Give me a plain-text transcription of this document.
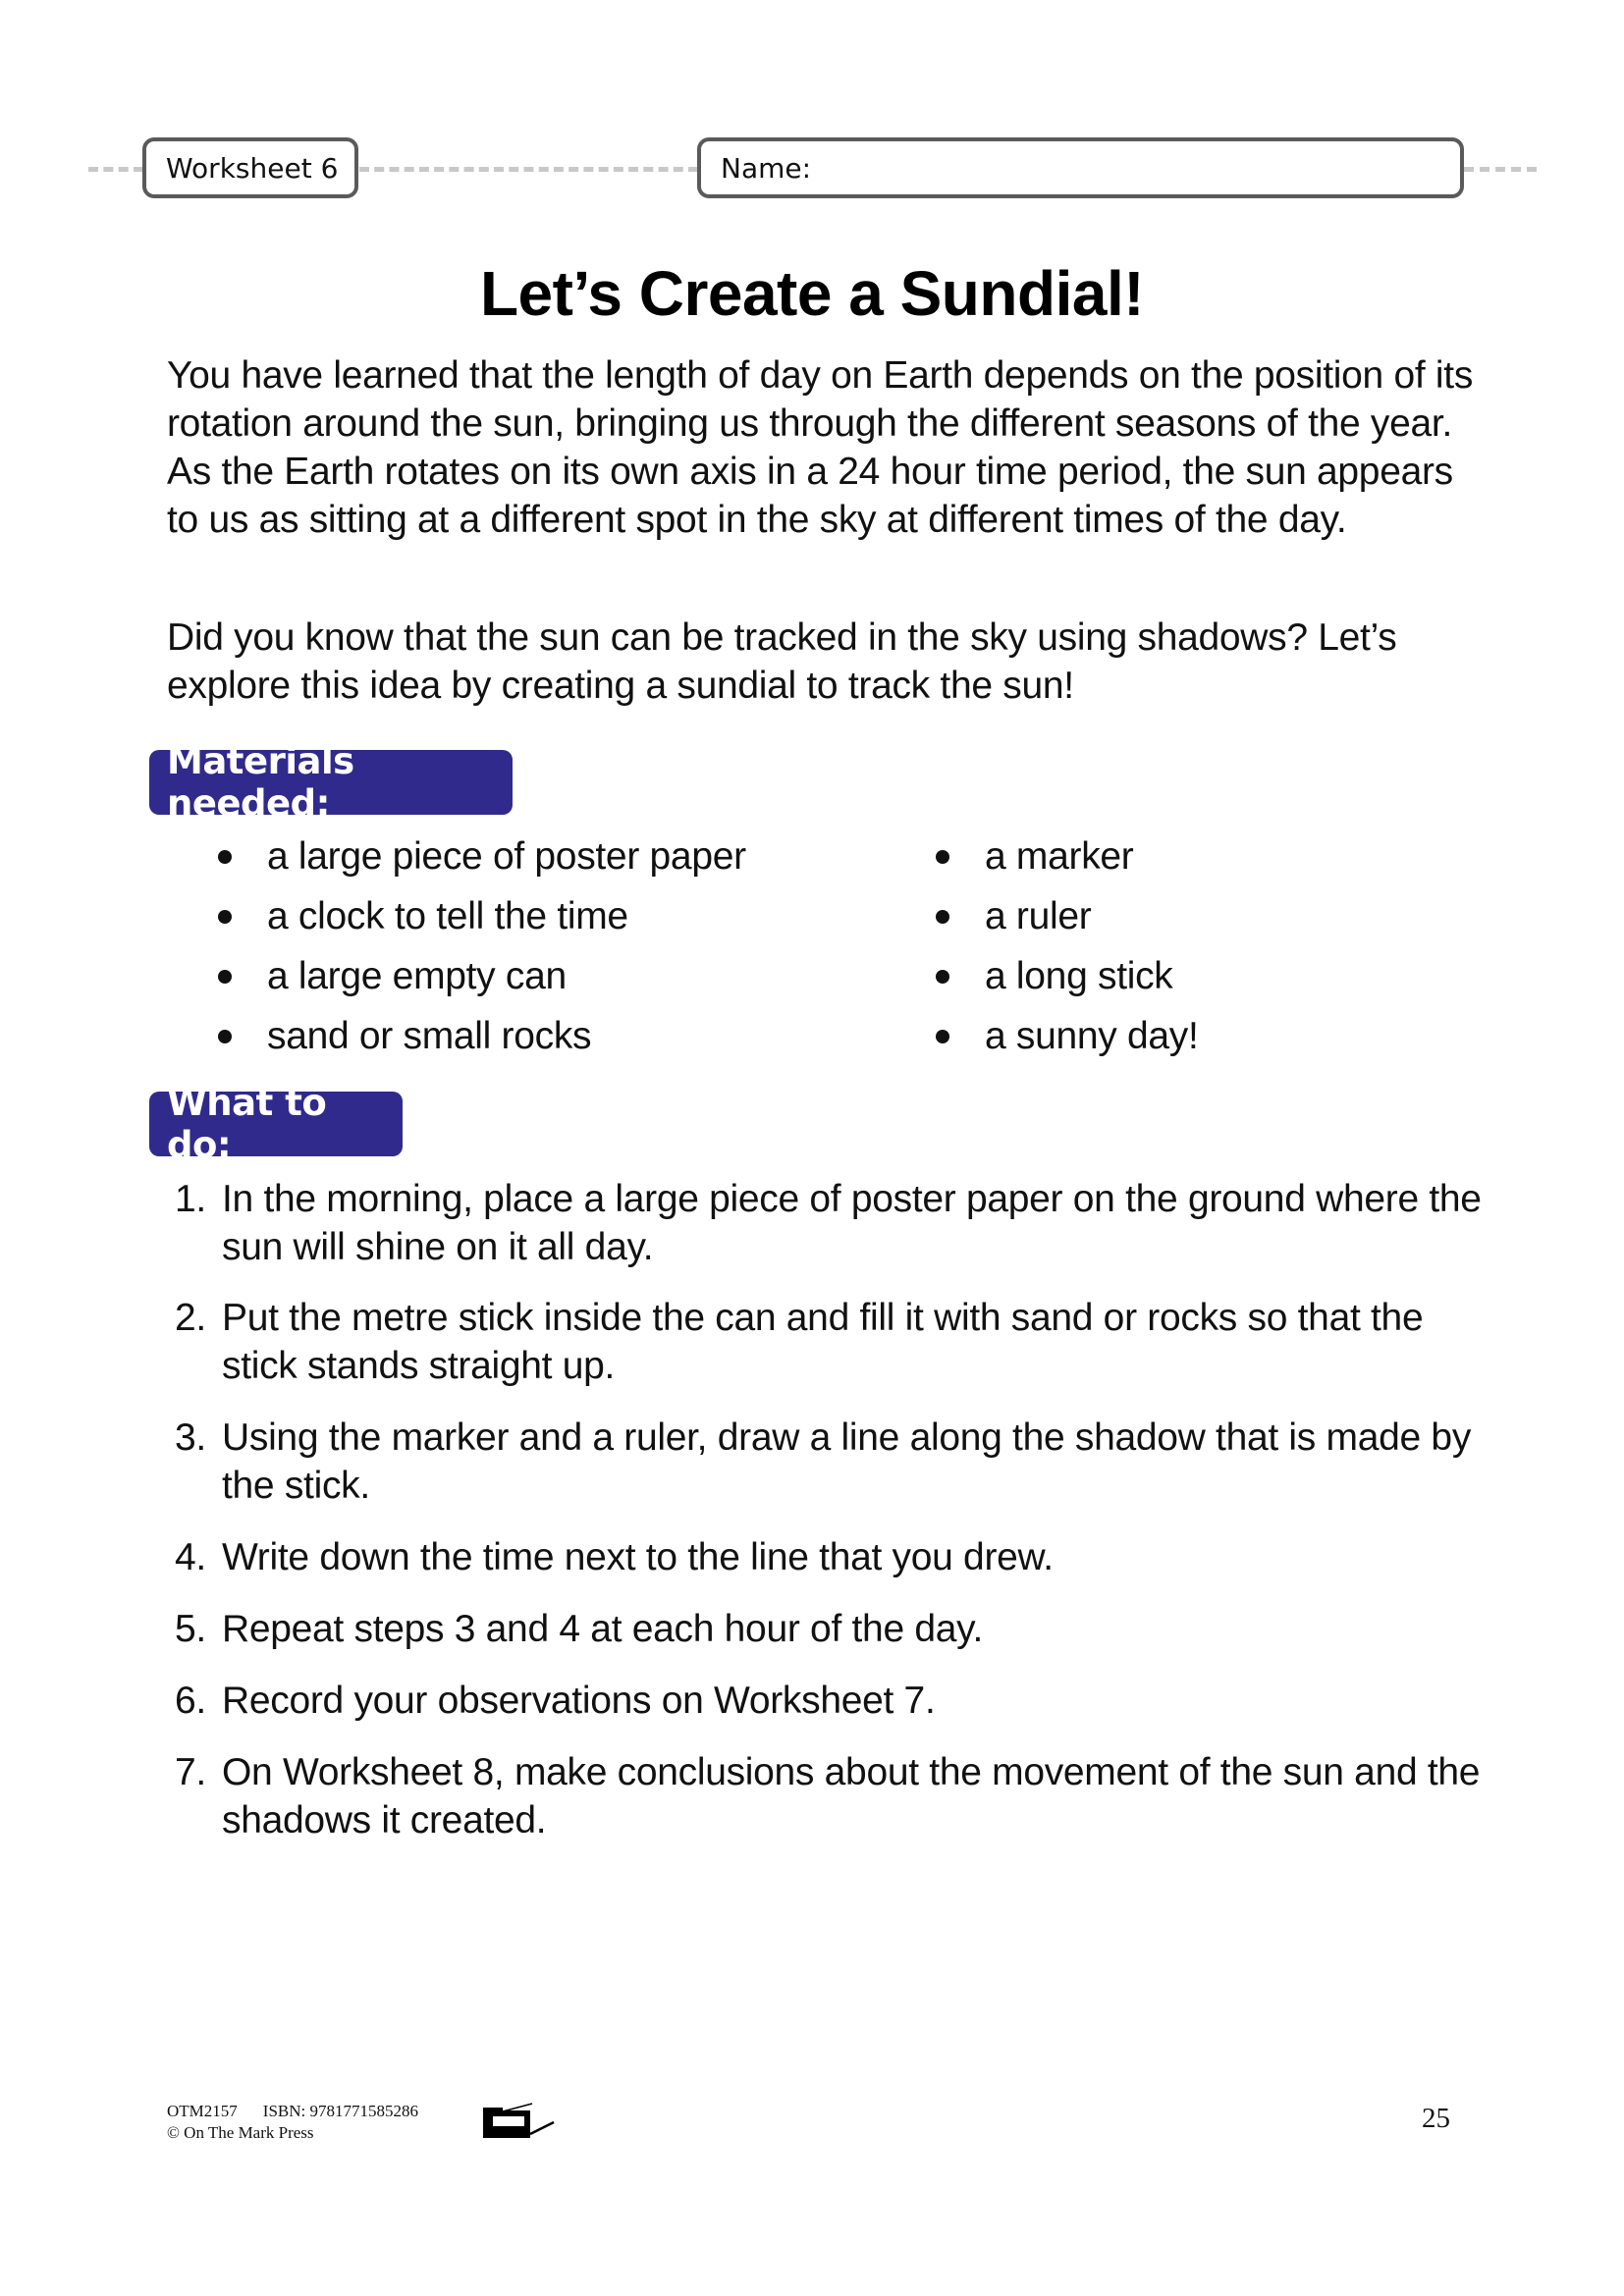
Worksheet 6	Name:
Let’s Create a Sundial!
You have learned that the length of day on Earth depends on the position of its rotation around the sun, bringing us through the different seasons of the year. As the Earth rotates on its own axis in a 24 hour time period, the sun appears to us as sitting at a different spot in the sky at different times of the day.
Did you know that the sun can be tracked in the sky using shadows? Let’s explore this idea by creating a sundial to track the sun!
Materials needed:
a large piece of poster paper
a clock to tell the time
a large empty can
sand or small rocks
a marker
a ruler
a long stick
a sunny day!
What to do:
1. In the morning, place a large piece of poster paper on the ground where the sun will shine on it all day.
2. Put the metre stick inside the can and fill it with sand or rocks so that the stick stands straight up.
3. Using the marker and a ruler, draw a line along the shadow that is made by the stick.
4. Write down the time next to the line that you drew.
5. Repeat steps 3 and 4 at each hour of the day.
6. Record your observations on Worksheet 7.
7. On Worksheet 8, make conclusions about the movement of the sun and the shadows it created.
OTM2157 ISBN: 9781771585286
© On The Mark Press	25
